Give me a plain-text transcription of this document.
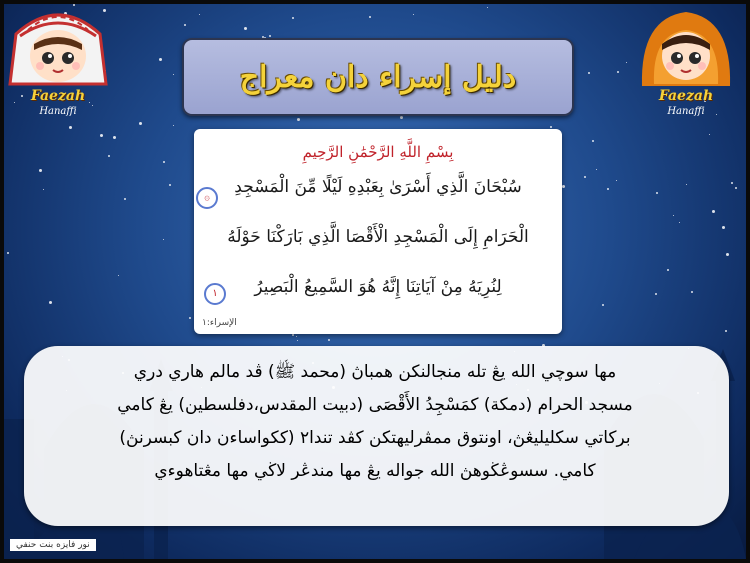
Faezah
Hanaffi
Faezah
Hanaffi
دليل إسراء دان معراج
بِسْمِ اللَّهِ الرَّحْمَٰنِ الرَّحِيمِ
۞
سُبْحَانَ الَّذِي أَسْرَىٰ بِعَبْدِهِ لَيْلًا مِّنَ الْمَسْجِدِ
الْحَرَامِ إِلَى الْمَسْجِدِ الْأَقْصَا الَّذِي بَارَكْنَا حَوْلَهُ
لِنُرِيَهُ مِنْ آيَاتِنَا إِنَّهُ هُوَ السَّمِيعُ الْبَصِيرُ
١
الإسراء:١

مها سوچي الله يڠ تله منجالنكن همباڽ (محمد ﷺ) ڤد مالم هاري دري

مسجد الحرام (دمكة) كمَسْجِدُ الأَقْصَى (دبيت المقدس،دفلسطين) يڠ كامي

بركاتي سكليليڠڽ، اونتوق ممڤرليهتكن كڤد تندا٢ (ككواساءن دان كبسرنڽ)

كامي. سسوڠڬوهڽ الله جواله يڠ مها مندڠر لاڬي مها مڠتاهوءي

نور فايزه بنت حنفي
